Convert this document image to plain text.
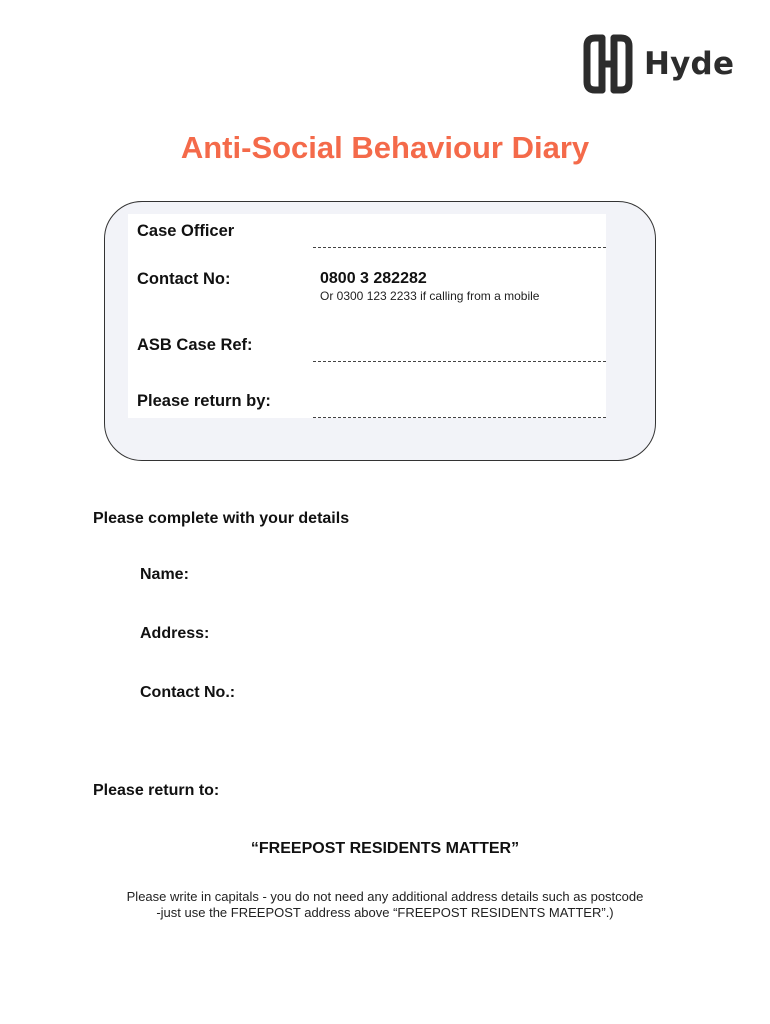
Hyde
Anti-Social Behaviour Diary
Case Officer
Contact No:	0800 3 282282
Or 0300 123 2233 if calling from a mobile
ASB Case Ref:
Please return by:
Please complete with your details
Name:
Address:
Contact No.:
Please return to:
“FREEPOST RESIDENTS MATTER”
Please write in capitals - you do not need any additional address details such as postcode
-just use the FREEPOST address above “FREEPOST RESIDENTS MATTER”.)
